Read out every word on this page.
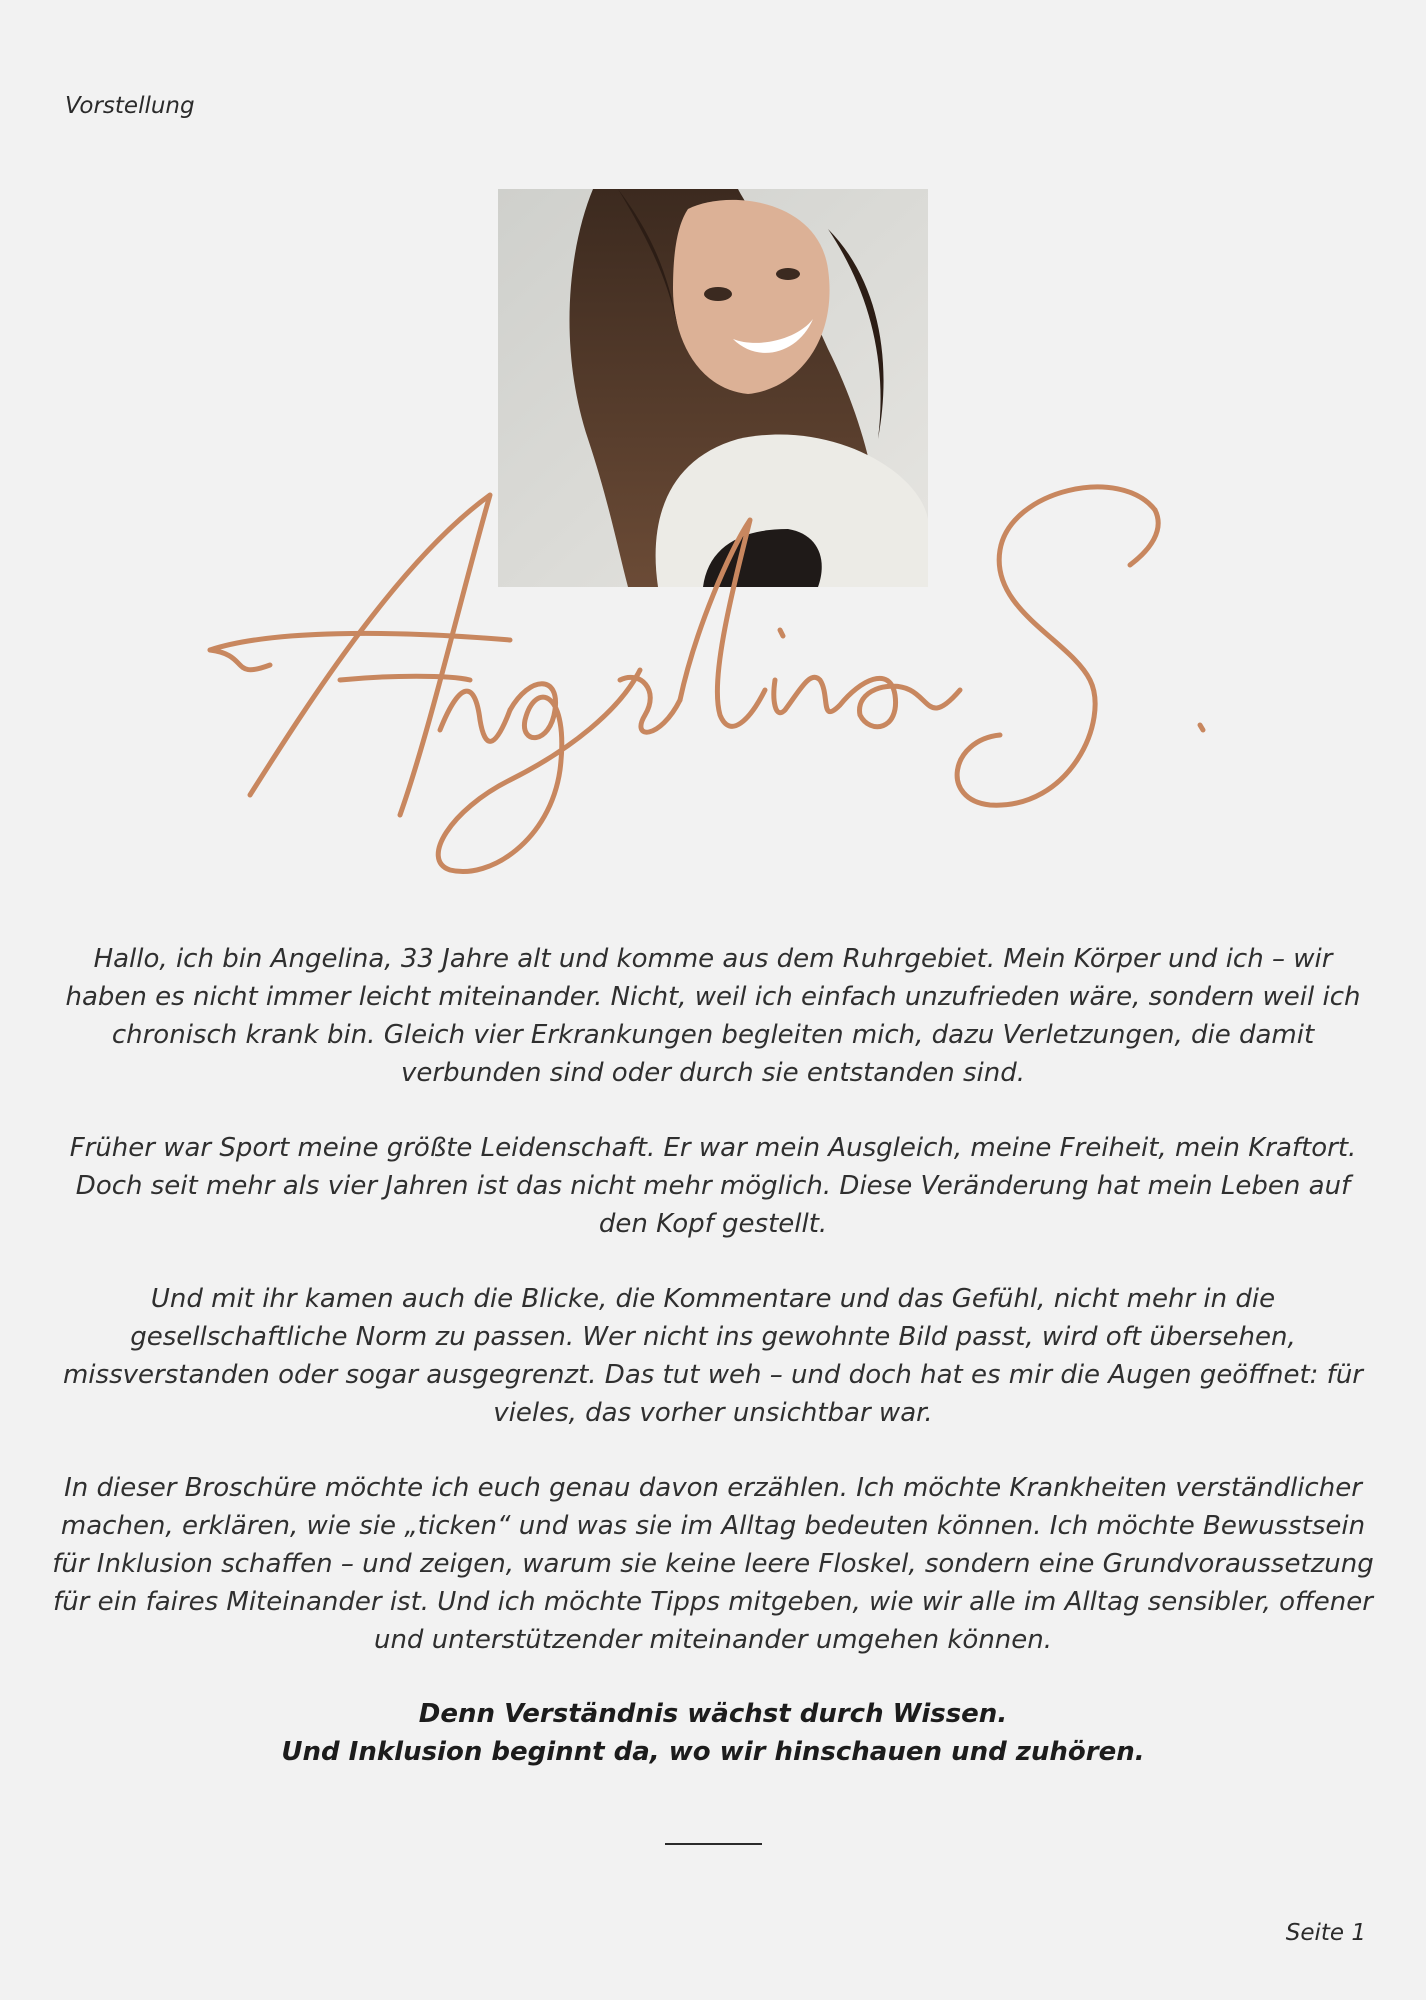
Vorstellung

Hallo, ich bin Angelina, 33 Jahre alt und komme aus dem Ruhrgebiet. Mein Körper und ich – wir haben es nicht immer leicht miteinander. Nicht, weil ich einfach unzufrieden wäre, sondern weil ich chronisch krank bin. Gleich vier Erkrankungen begleiten mich, dazu Verletzungen, die damit verbunden sind oder durch sie entstanden sind.

Früher war Sport meine größte Leidenschaft. Er war mein Ausgleich, meine Freiheit, mein Kraftort. Doch seit mehr als vier Jahren ist das nicht mehr möglich. Diese Veränderung hat mein Leben auf den Kopf gestellt.

Und mit ihr kamen auch die Blicke, die Kommentare und das Gefühl, nicht mehr in die gesellschaftliche Norm zu passen. Wer nicht ins gewohnte Bild passt, wird oft übersehen, missverstanden oder sogar ausgegrenzt. Das tut weh – und doch hat es mir die Augen geöffnet: für vieles, das vorher unsichtbar war.

In dieser Broschüre möchte ich euch genau davon erzählen. Ich möchte Krankheiten verständlicher machen, erklären, wie sie „ticken“ und was sie im Alltag bedeuten können. Ich möchte Bewusstsein für Inklusion schaffen – und zeigen, warum sie keine leere Floskel, sondern eine Grundvoraussetzung für ein faires Miteinander ist. Und ich möchte Tipps mitgeben, wie wir alle im Alltag sensibler, offener und unterstützender miteinander umgehen können.

Denn Verständnis wächst durch Wissen.
Und Inklusion beginnt da, wo wir hinschauen und zuhören.
Seite 1
